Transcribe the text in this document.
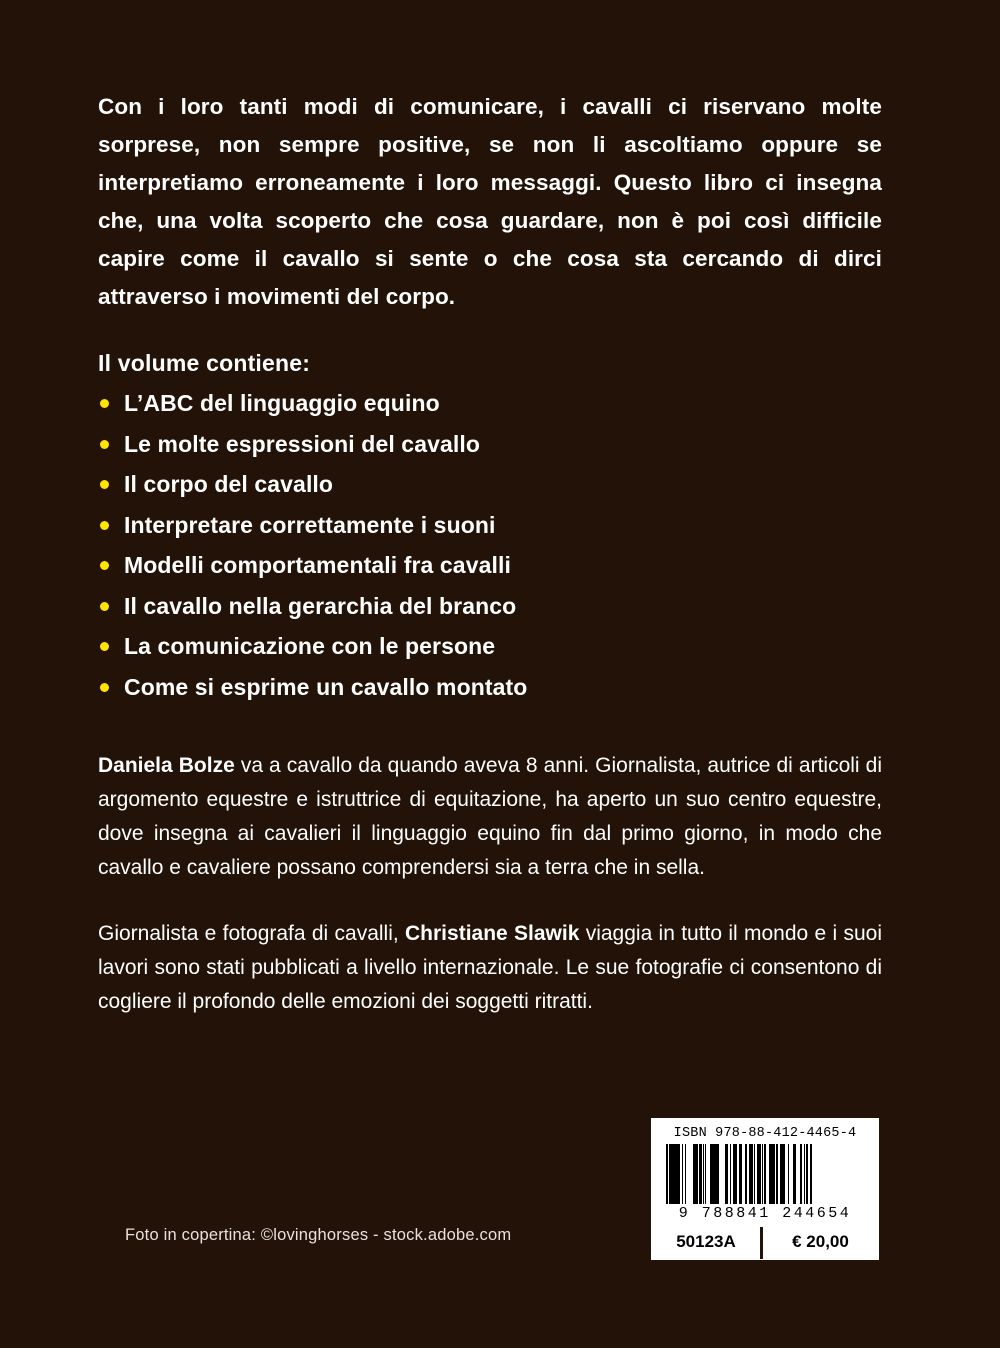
Con i loro tanti modi di comunicare, i cavalli ci riservano molte sorprese, non sempre positive, se non li ascoltiamo oppure se interpretiamo erroneamente i loro messaggi. Questo libro ci insegna che, una volta scoperto che cosa guardare, non è poi così difficile capire come il cavallo si sente o che cosa sta cercando di dirci attraverso i movimenti del corpo.

Il volume contiene:
L’ABC del linguaggio equino
Le molte espressioni del cavallo
Il corpo del cavallo
Interpretare correttamente i suoni
Modelli comportamentali fra cavalli
Il cavallo nella gerarchia del branco
La comunicazione con le persone
Come si esprime un cavallo montato

Daniela Bolze va a cavallo da quando aveva 8 anni. Giornalista, autrice di articoli di argomento equestre e istruttrice di equitazione, ha aperto un suo centro equestre, dove insegna ai cavalieri il linguaggio equino fin dal primo giorno, in modo che cavallo e cavaliere possano comprendersi sia a terra che in sella.

Giornalista e fotografa di cavalli, Christiane Slawik viaggia in tutto il mondo e i suoi lavori sono stati pubblicati a livello internazionale. Le sue fotografie ci consentono di cogliere il profondo delle emozioni dei soggetti ritratti.

ISBN 978-88-412-4465-4
9 788841 244654
50123A	€ 20,00
Foto in copertina: ©lovinghorses - stock.adobe.com
